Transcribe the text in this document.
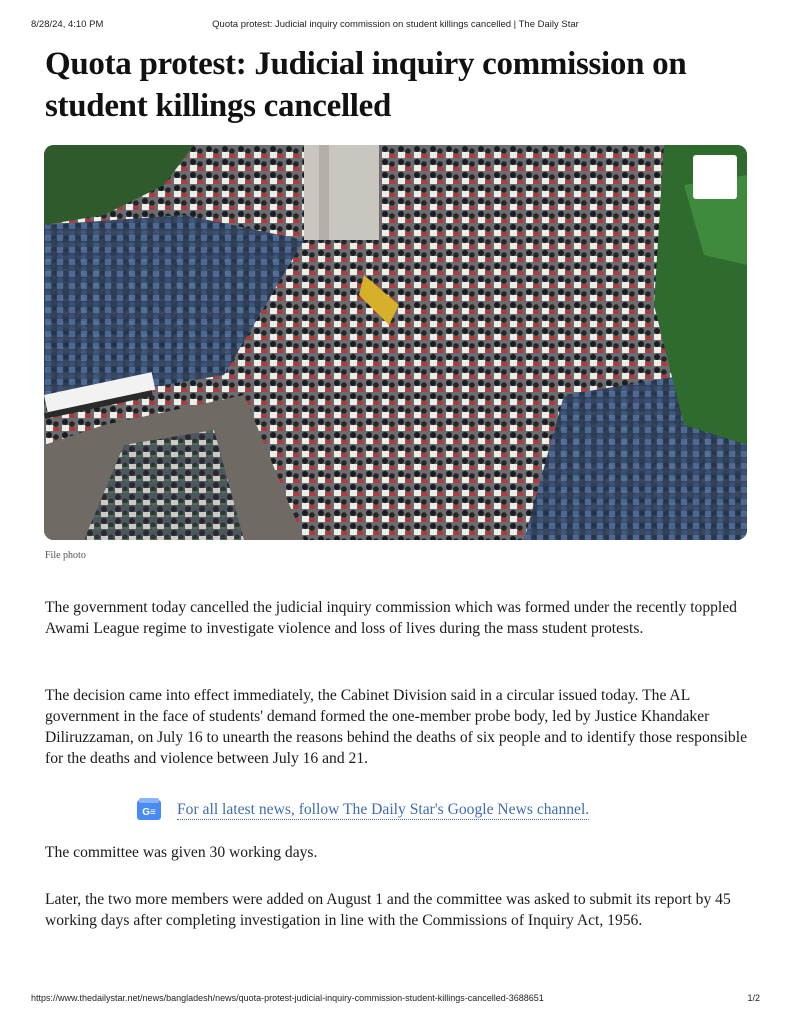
8/28/24, 4:10 PM	Quota protest: Judicial inquiry commission on student killings cancelled | The Daily Star
Quota protest: Judicial inquiry commission on
student killings cancelled
File photo

The government today cancelled the judicial inquiry commission which was formed under the recently toppled Awami League regime to investigate violence and loss of lives during the mass student protests.

The decision came into effect immediately, the Cabinet Division said in a circular issued today. The AL government in the face of students' demand formed the one-member probe body, led by Justice Khandaker Diliruzzaman, on July 16 to unearth the reasons behind the deaths of six people and to identify those responsible for the deaths and violence between July 16 and 21.

G≡ For all latest news, follow The Daily Star's Google News channel.

The committee was given 30 working days.

Later, the two more members were added on August 1 and the committee was asked to submit its report by 45 working days after completing investigation in line with the Commissions of Inquiry Act, 1956.

https://www.thedailystar.net/news/bangladesh/news/quota-protest-judicial-inquiry-commission-student-killings-cancelled-3688651	1/2
